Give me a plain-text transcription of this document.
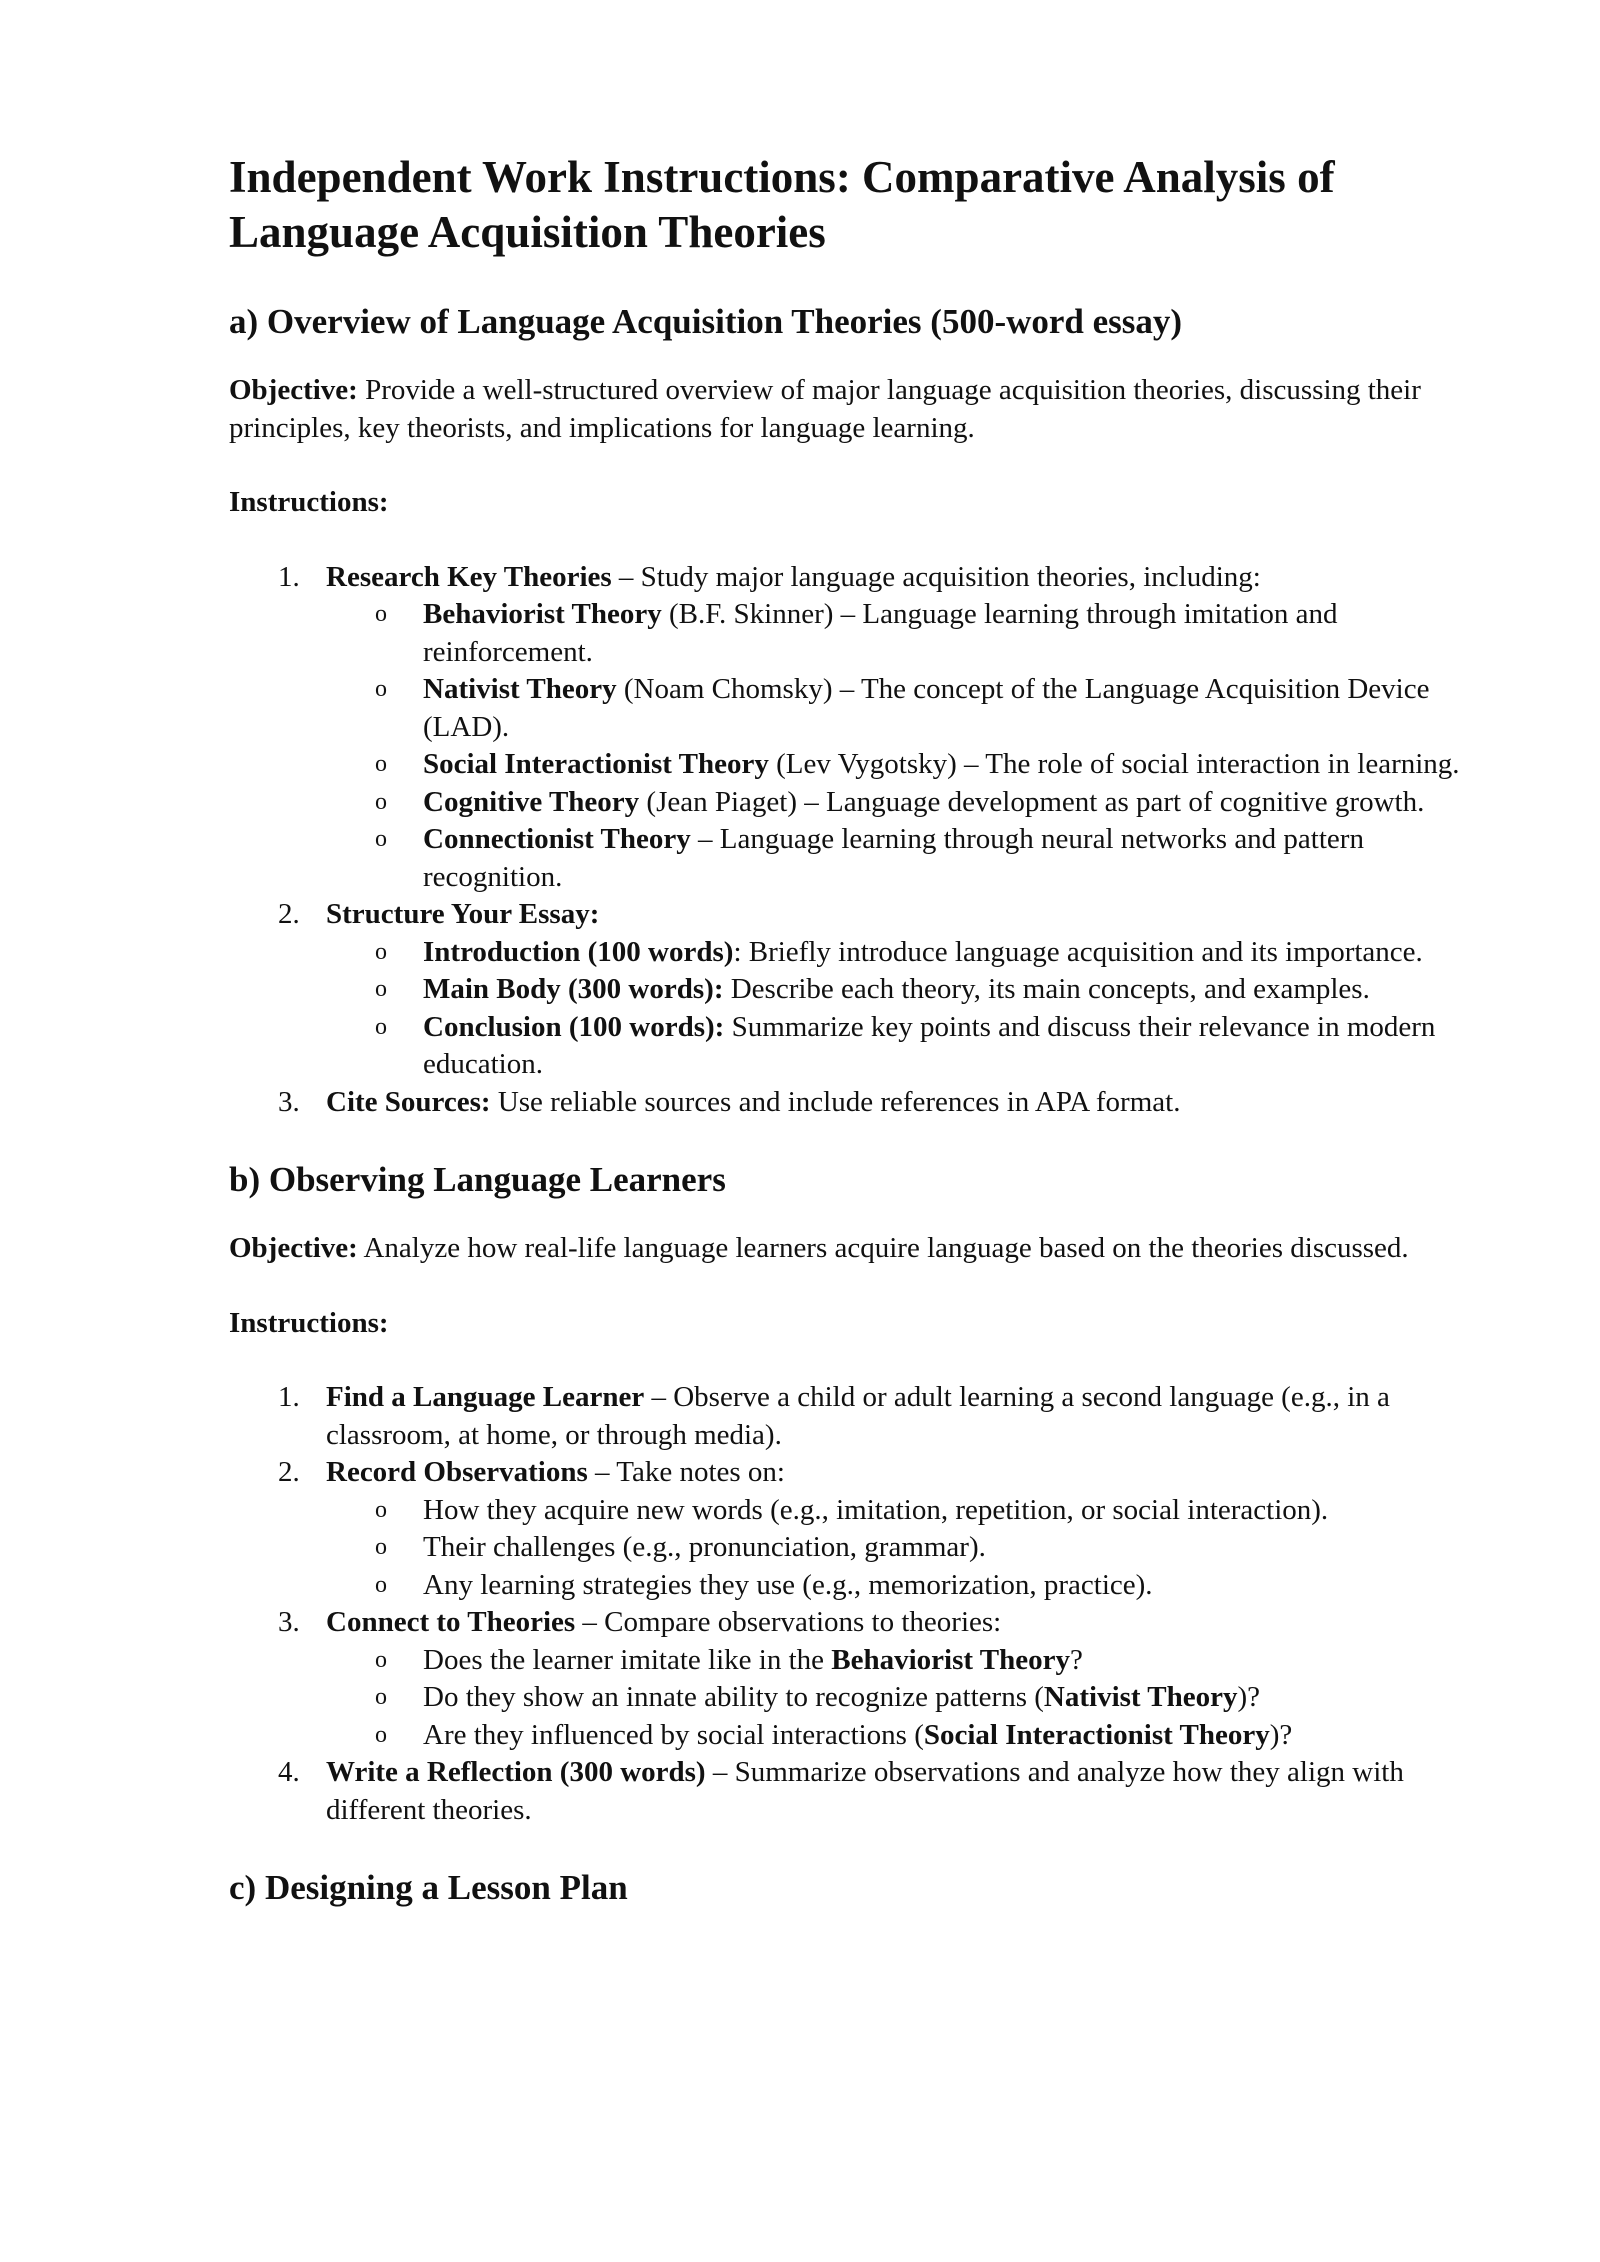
Independent Work Instructions: Comparative Analysis of Language Acquisition Theories
a) Overview of Language Acquisition Theories (500-word essay)

Objective: Provide a well-structured overview of major language acquisition theories, discussing their principles, key theorists, and implications for language learning.

Instructions:

1. Research Key Theories – Study major language acquisition theories, including:
o Behaviorist Theory (B.F. Skinner) – Language learning through imitation and reinforcement.
o Nativist Theory (Noam Chomsky) – The concept of the Language Acquisition Device (LAD).
o Social Interactionist Theory (Lev Vygotsky) – The role of social interaction in learning.
o Cognitive Theory (Jean Piaget) – Language development as part of cognitive growth.
o Connectionist Theory – Language learning through neural networks and pattern recognition.
2. Structure Your Essay:
o Introduction (100 words): Briefly introduce language acquisition and its importance.
o Main Body (300 words): Describe each theory, its main concepts, and examples.
o Conclusion (100 words): Summarize key points and discuss their relevance in modern education.
3. Cite Sources: Use reliable sources and include references in APA format.
b) Observing Language Learners

Objective: Analyze how real-life language learners acquire language based on the theories discussed.

Instructions:

1. Find a Language Learner – Observe a child or adult learning a second language (e.g., in a classroom, at home, or through media).
2. Record Observations – Take notes on:
o How they acquire new words (e.g., imitation, repetition, or social interaction).
o Their challenges (e.g., pronunciation, grammar).
o Any learning strategies they use (e.g., memorization, practice).
3. Connect to Theories – Compare observations to theories:
o Does the learner imitate like in the Behaviorist Theory?
o Do they show an innate ability to recognize patterns (Nativist Theory)?
o Are they influenced by social interactions (Social Interactionist Theory)?
4. Write a Reflection (300 words) – Summarize observations and analyze how they align with different theories.
c) Designing a Lesson Plan
